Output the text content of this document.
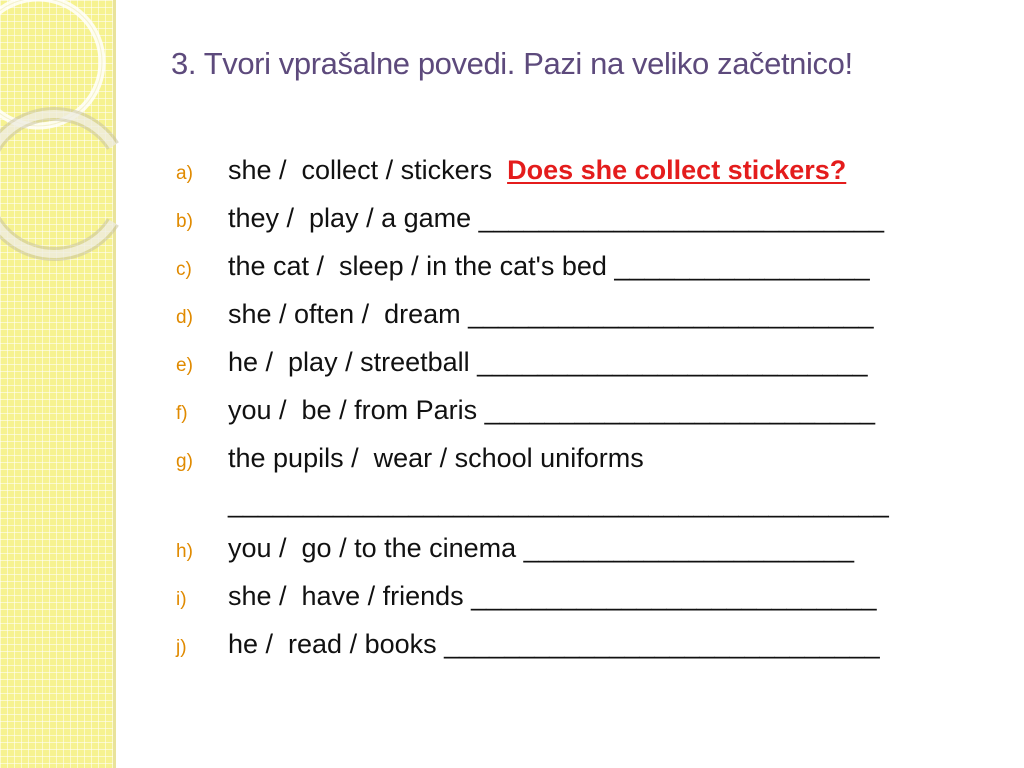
3. Tvori vprašalne povedi. Pazi na veliko začetnico!
a)	she /  collect / stickers Does she collect stickers?
b)	they /  play / a game ___________________________
c)	the cat /  sleep / in the cat's bed _________________
d)	she / often /  dream ___________________________
e)	he /  play / streetball __________________________
f)	you /  be / from Paris __________________________
g)	the pupils /  wear / school uniforms
____________________________________________
h)	you /  go / to the cinema ______________________
i)	she /  have / friends ___________________________
j)	he /  read / books _____________________________
